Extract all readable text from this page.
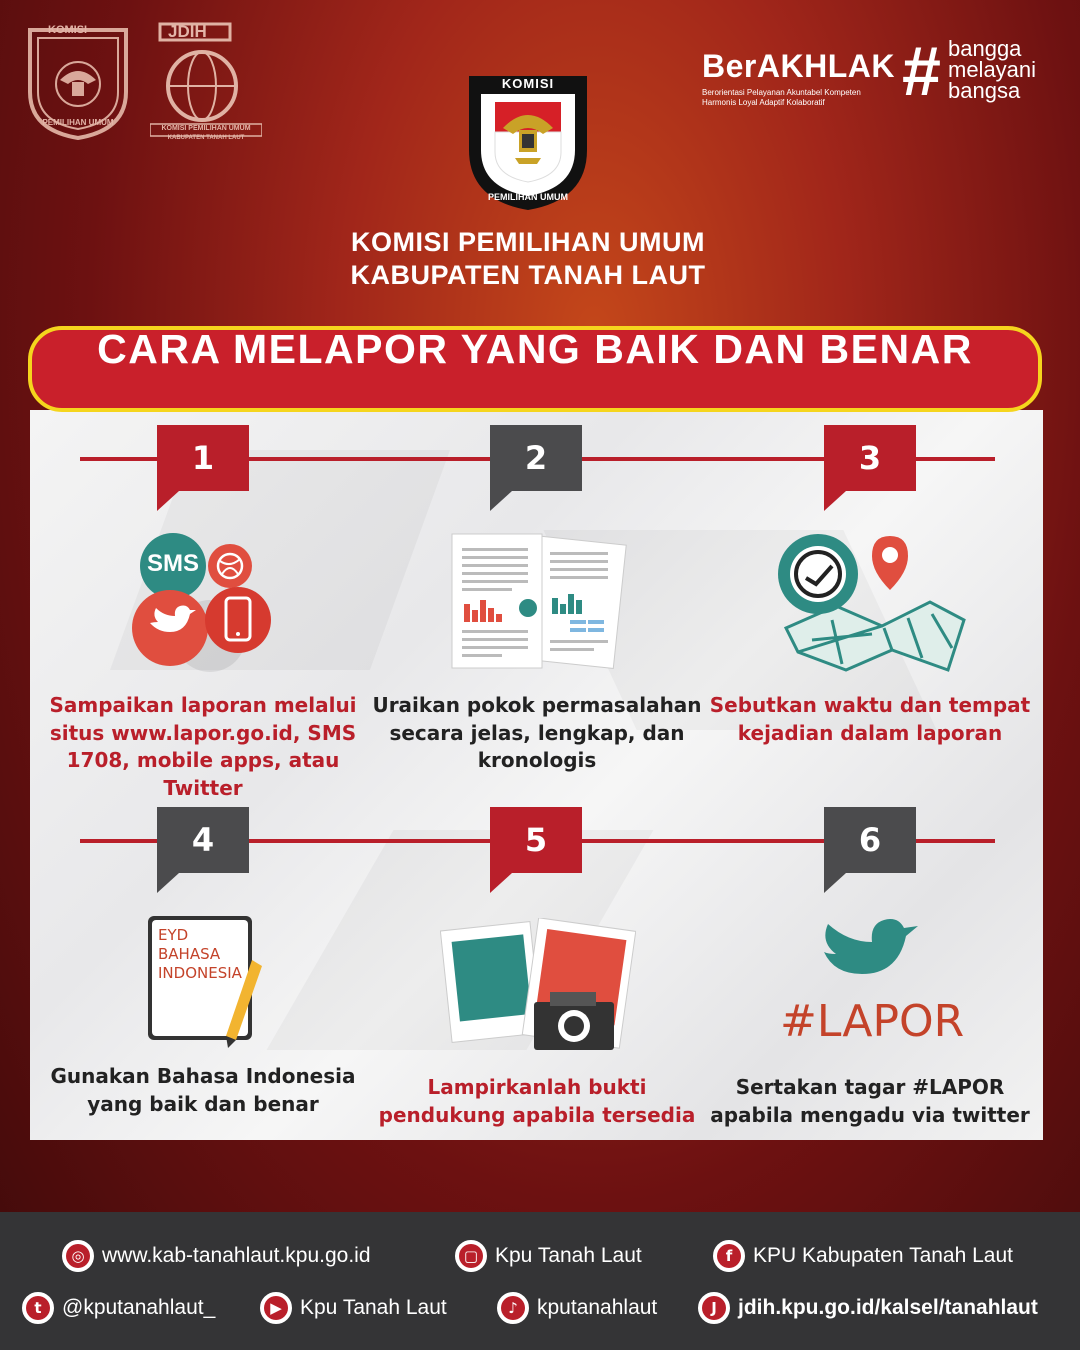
KOMISI
PEMILIHAN UMUM
JDIH
KOMISI PEMILIHAN UMUM
KABUPATEN TANAH LAUT
KOMISI
PEMILIHAN UMUM
BerAKHLAK
Berorientasi Pelayanan Akuntabel Kompeten
Harmonis Loyal Adaptif Kolaboratif	# bangga
melayani
bangsa
KOMISI PEMILIHAN UMUM
KABUPATEN TANAH LAUT
CARA MELAPOR YANG BAIK DAN BENAR
1	2	3
4	5	6
SMS
EYD
BAHASA
INDONESIA
#LAPOR
Sampaikan laporan melalui situs www.lapor.go.id, SMS 1708, mobile apps, atau Twitter
Uraikan pokok permasalahan secara jelas, lengkap, dan kronologis
Sebutkan waktu dan tempat kejadian dalam laporan
Gunakan Bahasa Indonesia yang baik dan benar
Lampirkanlah bukti pendukung apabila tersedia
Sertakan tagar #LAPOR apabila mengadu via twitter
◎ www.kab-tanahlaut.kpu.go.id	▢ Kpu Tanah Laut	f KPU Kabupaten Tanah Laut
t @kputanahlaut_	▶ Kpu Tanah Laut	♪ kputanahlaut	J	jdih.kpu.go.id/kalsel/tanahlaut
